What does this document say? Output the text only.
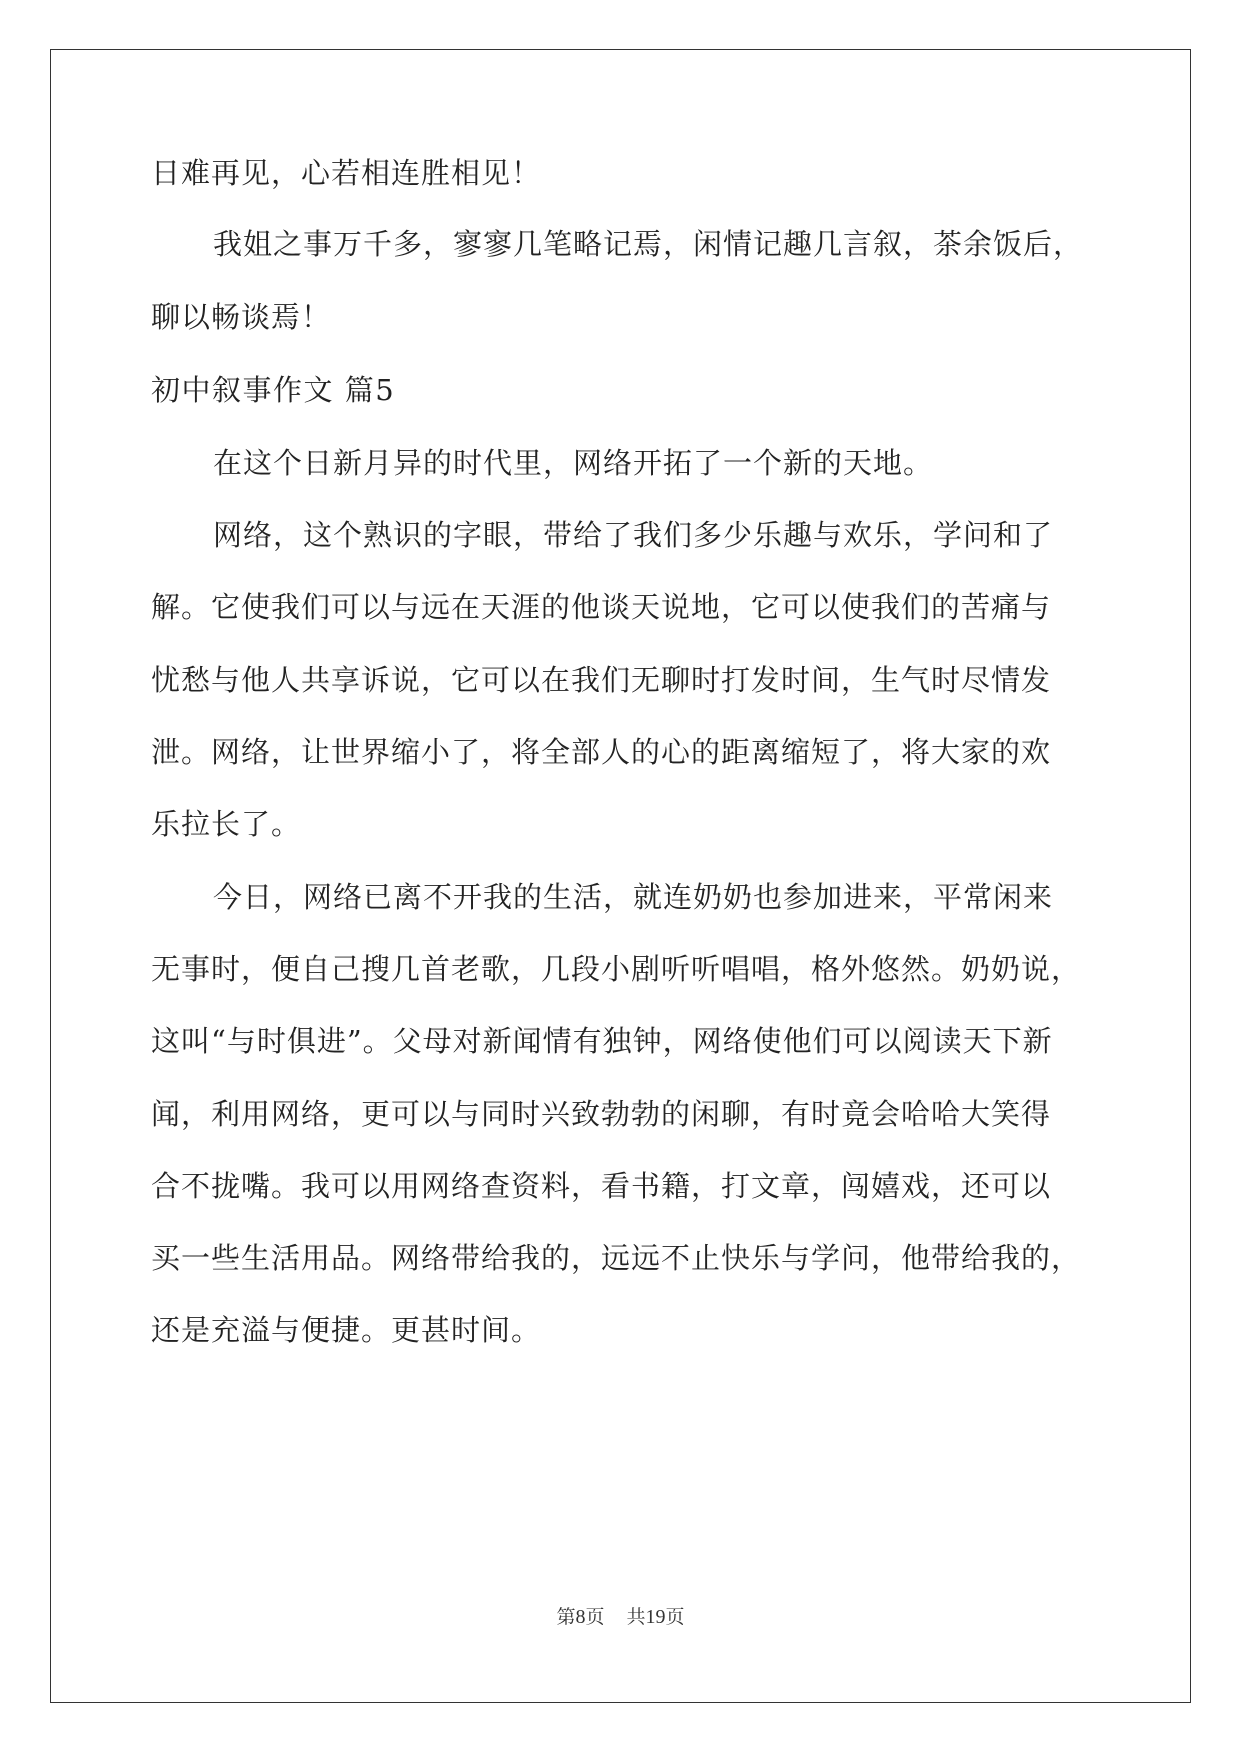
日难再见，心若相连胜相见！
我姐之事万千多，寥寥几笔略记焉，闲情记趣几言叙，茶余饭后，
聊以畅谈焉！
初中叙事作文 篇5
在这个日新月异的时代里，网络开拓了一个新的天地。
网络，这个熟识的字眼，带给了我们多少乐趣与欢乐，学问和了
解。它使我们可以与远在天涯的他谈天说地，它可以使我们的苦痛与
忧愁与他人共享诉说，它可以在我们无聊时打发时间，生气时尽情发
泄。网络，让世界缩小了，将全部人的心的距离缩短了，将大家的欢
乐拉长了。
今日，网络已离不开我的生活，就连奶奶也参加进来，平常闲来
无事时，便自己搜几首老歌，几段小剧听听唱唱，格外悠然。奶奶说，
这叫“与时俱进”。父母对新闻情有独钟，网络使他们可以阅读天下新
闻，利用网络，更可以与同时兴致勃勃的闲聊，有时竟会哈哈大笑得
合不拢嘴。我可以用网络查资料，看书籍，打文章，闯嬉戏，还可以
买一些生活用品。网络带给我的，远远不止快乐与学问，他带给我的，
还是充溢与便捷。更甚时间。
第8页 共19页
